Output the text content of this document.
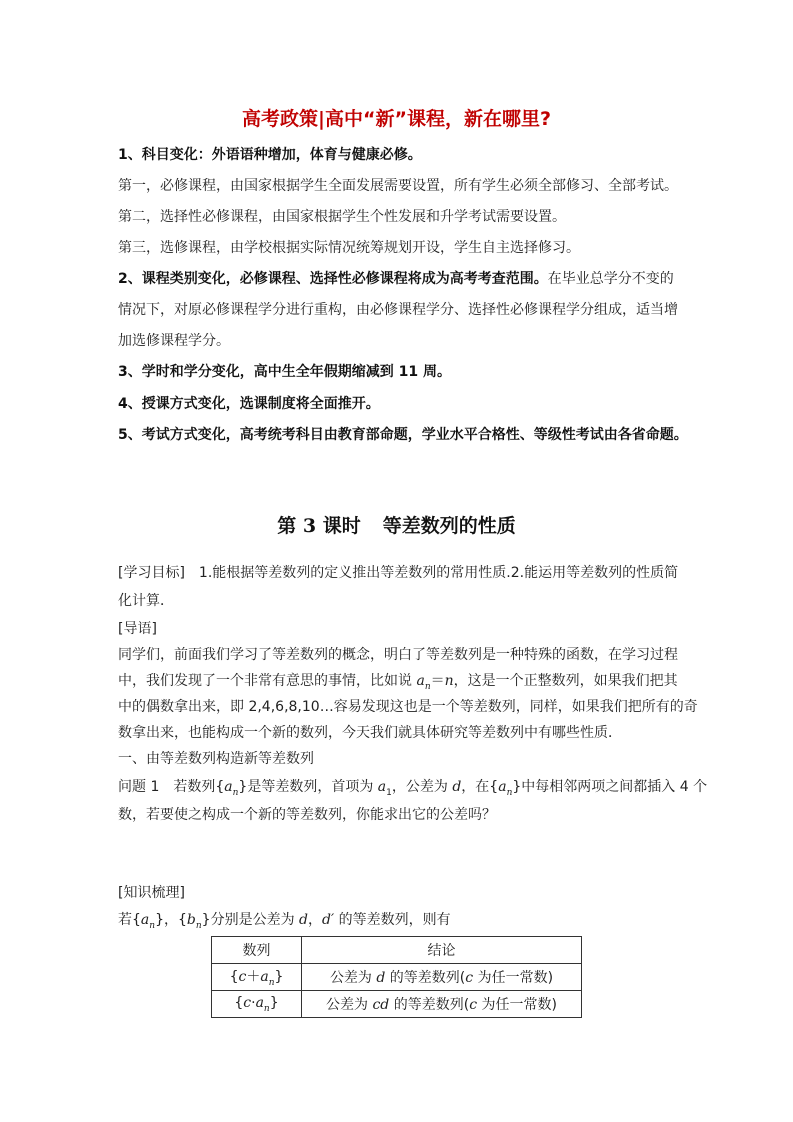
高考政策|高中“新”课程，新在哪里?
1、科目变化：外语语种增加，体育与健康必修。
第一，必修课程，由国家根据学生全面发展需要设置，所有学生必须全部修习、全部考试。
第二，选择性必修课程，由国家根据学生个性发展和升学考试需要设置。
第三，选修课程，由学校根据实际情况统筹规划开设，学生自主选择修习。
2、课程类别变化，必修课程、选择性必修课程将成为高考考查范围。在毕业总学分不变的
情况下，对原必修课程学分进行重构，由必修课程学分、选择性必修课程学分组成，适当增
加选修课程学分。
3、学时和学分变化，高中生全年假期缩减到 11 周。
4、授课方式变化，选课制度将全面推开。
5、考试方式变化，高考统考科目由教育部命题，学业水平合格性、等级性考试由各省命题。
第 3 课时 等差数列的性质
[学习目标]　1.能根据等差数列的定义推出等差数列的常用性质.2.能运用等差数列的性质简
化计算．
[导语]
同学们，前面我们学习了等差数列的概念，明白了等差数列是一种特殊的函数，在学习过程
中，我们发现了一个非常有意思的事情，比如说 $a_n=n$，这是一个正整数列，如果我们把其
中的偶数拿出来，即 2,4,6,8,10…容易发现这也是一个等差数列，同样，如果我们把所有的奇
数拿出来，也能构成一个新的数列，今天我们就具体研究等差数列中有哪些性质．
一、由等差数列构造新等差数列
问题 1　若数列$\{a_n\}$是等差数列，首项为 $a_1$，公差为 d，在$\{a_n\}$中每相邻两项之间都插入 4 个
数，若要使之构成一个新的等差数列，你能求出它的公差吗？
[知识梳理]
若$\{a_n\}$，$\{b_n\}$分别是公差为 d，d′ 的等差数列，则有
数列	结论
$\{c+a_n\}$	公差为 d 的等差数列(c 为任一常数)
$\{c\cdot a_n\}$	公差为 cd 的等差数列(c 为任一常数)
